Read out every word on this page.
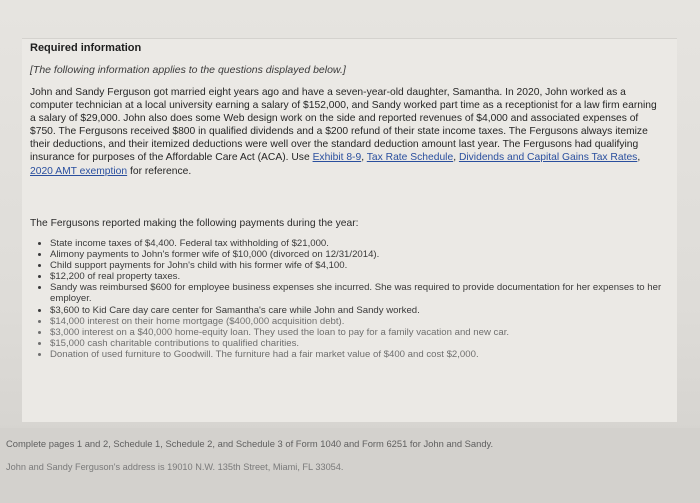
Required information
[The following information applies to the questions displayed below.]
John and Sandy Ferguson got married eight years ago and have a seven-year-old daughter, Samantha. In 2020, John worked as a computer technician at a local university earning a salary of $152,000, and Sandy worked part time as a receptionist for a law firm earning a salary of $29,000. John also does some Web design work on the side and reported revenues of $4,000 and associated expenses of $750. The Fergusons received $800 in qualified dividends and a $200 refund of their state income taxes. The Fergusons always itemize their deductions, and their itemized deductions were well over the standard deduction amount last year. The Fergusons had qualifying insurance for purposes of the Affordable Care Act (ACA). Use Exhibit 8-9, Tax Rate Schedule, Dividends and Capital Gains Tax Rates, 2020 AMT exemption for reference.
The Fergusons reported making the following payments during the year:
• State income taxes of $4,400. Federal tax withholding of $21,000.
• Alimony payments to John's former wife of $10,000 (divorced on 12/31/2014).
• Child support payments for John's child with his former wife of $4,100.
• $12,200 of real property taxes.
• Sandy was reimbursed $600 for employee business expenses she incurred. She was required to provide documentation for her expenses to her employer.
• $3,600 to Kid Care day care center for Samantha's care while John and Sandy worked.
• $14,000 interest on their home mortgage ($400,000 acquisition debt).
• $3,000 interest on a $40,000 home-equity loan. They used the loan to pay for a family vacation and new car.
• $15,000 cash charitable contributions to qualified charities.
• Donation of used furniture to Goodwill. The furniture had a fair market value of $400 and cost $2,000.
Complete pages 1 and 2, Schedule 1, Schedule 2, and Schedule 3 of Form 1040 and Form 6251 for John and Sandy.
John and Sandy Ferguson's address is 19010 N.W. 135th Street, Miami, FL 33054.
